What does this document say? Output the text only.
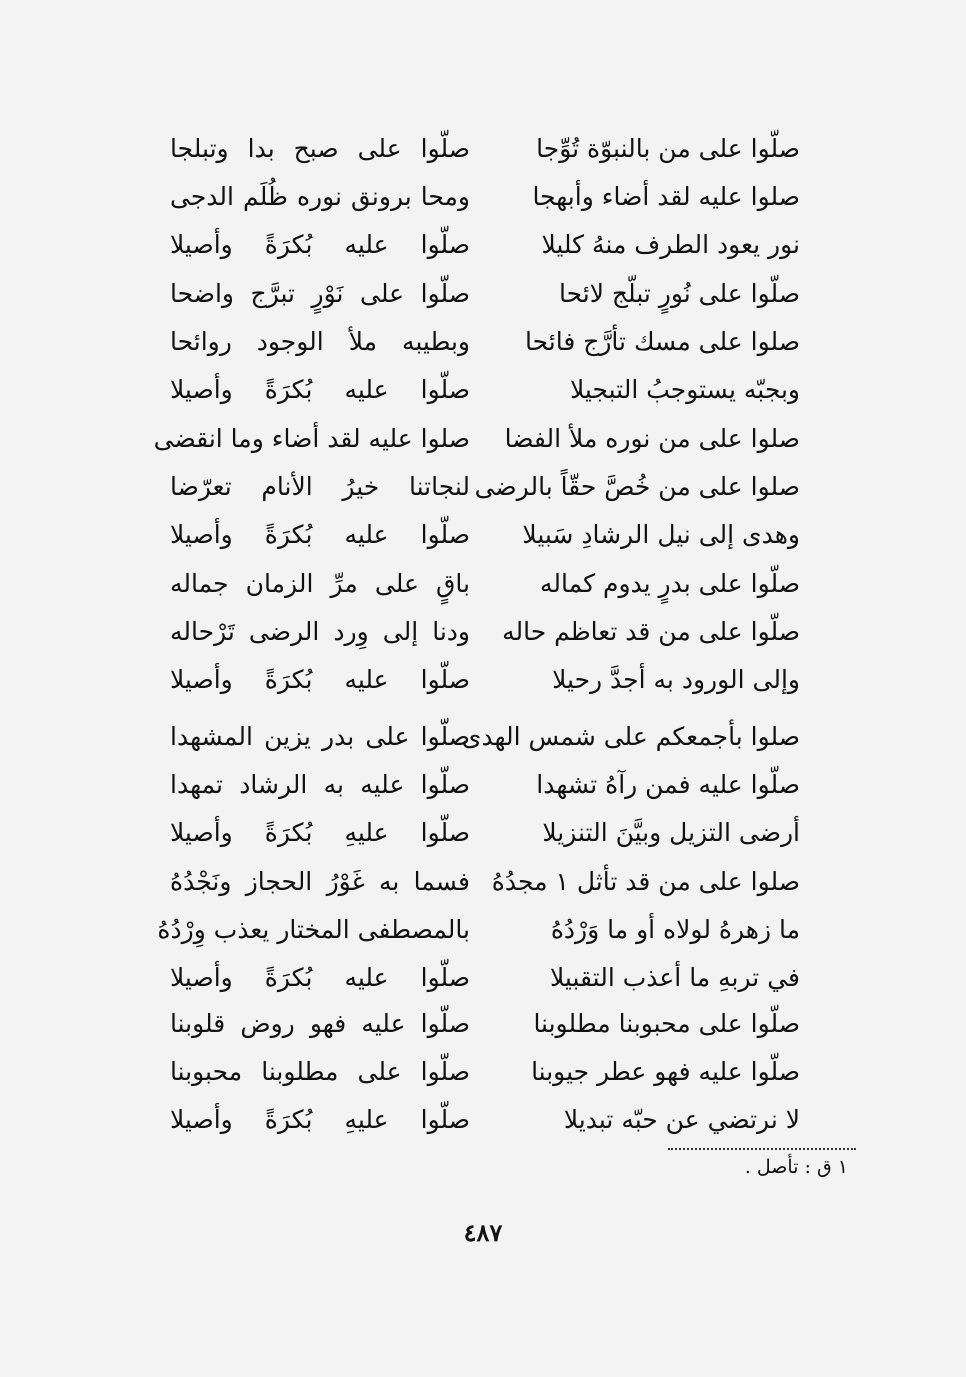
صلّوا على من بالنبوّة تُوِّجا
صلّوا على صبح بدا وتبلجا
صلوا عليه لقد أضاء وأبهجا
ومحا برونق نوره ظُلَم الدجى
نور يعود الطرف منهُ كليلا
صلّوا عليه بُكرَةً وأصيلا
صلّوا على نُورٍ تبلّج لائحا
صلّوا على نَوْرٍ تبرَّج واضحا
صلوا على مسك تأرَّج فائحا
وبطيبه ملأ الوجود روائحا
وبجبّه يستوجبُ التبجيلا
صلّوا عليه بُكرَةً وأصيلا
صلوا على من نوره ملأ الفضا
صلوا عليه لقد أضاء وما انقضى
صلوا على من خُصَّ حقّاً بالرضى
لنجاتنا خيرُ الأنام تعرّضا
وهدى إلى نيل الرشادِ سَبيلا
صلّوا عليه بُكرَةً وأصيلا
صلّوا على بدرٍ يدوم كماله
باقٍ على مرِّ الزمان جماله
صلّوا على من قد تعاظم حاله
ودنا إلى وِرد الرضى تَرْحاله
وإلى الورود به أجدَّ رحيلا
صلّوا عليه بُكرَةً وأصيلا
صلوا بأجمعكم على شمس الهدى
صلّوا على بدر يزين المشهدا
صلّوا عليه فمن رآهُ تشهدا
صلّوا عليه به الرشاد تمهدا
أرضى التزيل وبيَّنَ التنزيلا
صلّوا عليهِ بُكرَةً وأصيلا
صلوا على من قد تأثل ١ مجدُهُ
فسما به غَوْرُ الحجاز ونَجْدُهُ
ما زهرهُ لولاه أو ما وَرْدُهُ
بالمصطفى المختار يعذب وِرْدُهُ
في تربهِ ما أعذب التقبيلا
صلّوا عليه بُكرَةً وأصيلا
صلّوا على محبوبنا مطلوبنا
صلّوا عليه فهو روض قلوبنا
صلّوا عليه فهو عطر جيوبنا
صلّوا على مطلوبنا محبوبنا
لا نرتضي عن حبّه تبديلا
صلّوا عليهِ بُكرَةً وأصيلا
١ ق : تأصل .
٤٨٧
